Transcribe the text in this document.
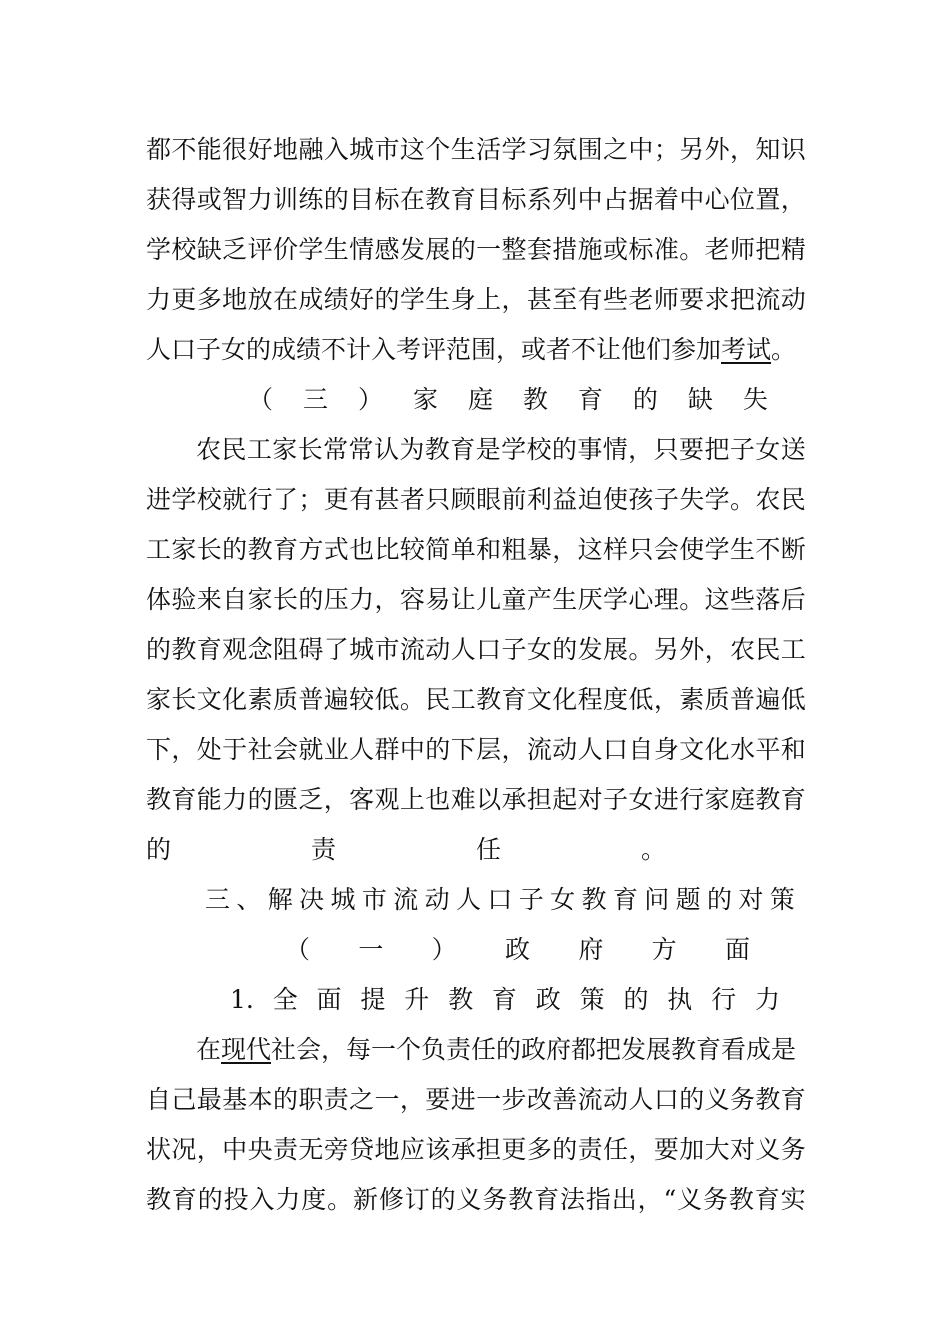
都 不 能 很 好 地 融 入 城 市 这 个 生 活 学 习 氛 围 之 中 ； 另 外 ， 知 识
获 得 或 智 力 训 练 的 目 标 在 教 育 目 标 系 列 中 占 据 着 中 心 位 置 ，
学 校 缺 乏 评 价 学 生 情 感 发 展 的 一 整 套 措 施 或 标 准 。 老 师 把 精
力 更 多 地 放 在 成 绩 好 的 学 生 身 上 ， 甚 至 有 些 老 师 要 求 把 流 动
人口子女的成绩不计入考评范围，或者不让他们参加考试。
（ 三 ） 家 庭 教 育 的 缺 失
农 民 工 家 长 常 常 认 为 教 育 是 学 校 的 事 情 ， 只 要 把 子 女 送
进 学 校 就 行 了 ； 更 有 甚 者 只 顾 眼 前 利 益 迫 使 孩 子 失 学 。 农 民
工 家 长 的 教 育 方 式 也 比 较 简 单 和 粗 暴 ， 这 样 只 会 使 学 生 不 断
体 验 来 自 家 长 的 压 力 ， 容 易 让 儿 童 产 生 厌 学 心 理 。 这 些 落 后
的 教 育 观 念 阻 碍 了 城 市 流 动 人 口 子 女 的 发 展 。 另 外 ， 农 民 工
家 长 文 化 素 质 普 遍 较 低 。 民 工 教 育 文 化 程 度 低 ， 素 质 普 遍 低
下 ， 处 于 社 会 就 业 人 群 中 的 下 层 ， 流 动 人 口 自 身 文 化 水 平 和
教 育 能 力 的 匮 乏 ， 客 观 上 也 难 以 承 担 起 对 子 女 进 行 家 庭 教 育
的	责	任	。
三 、 解 决 城 市 流 动 人 口 子 女 教 育 问 题 的 对 策
（ 一 ） 政 府 方 面
1. 全 面 提 升 教 育 政 策 的 执 行 力
在现代社会，每一个负责任的政府都把发展教育看成是
自 己 最 基 本 的 职 责 之 一 ， 要 进 一 步 改 善 流 动 人 口 的 义 务 教 育
状 况 ， 中 央 责 无 旁 贷 地 应 该 承 担 更 多 的 责 任 ， 要 加 大 对 义 务
教 育 的 投 入 力 度 。 新 修 订 的 义 务 教 育 法 指 出 ， “ 义 务 教 育 实
